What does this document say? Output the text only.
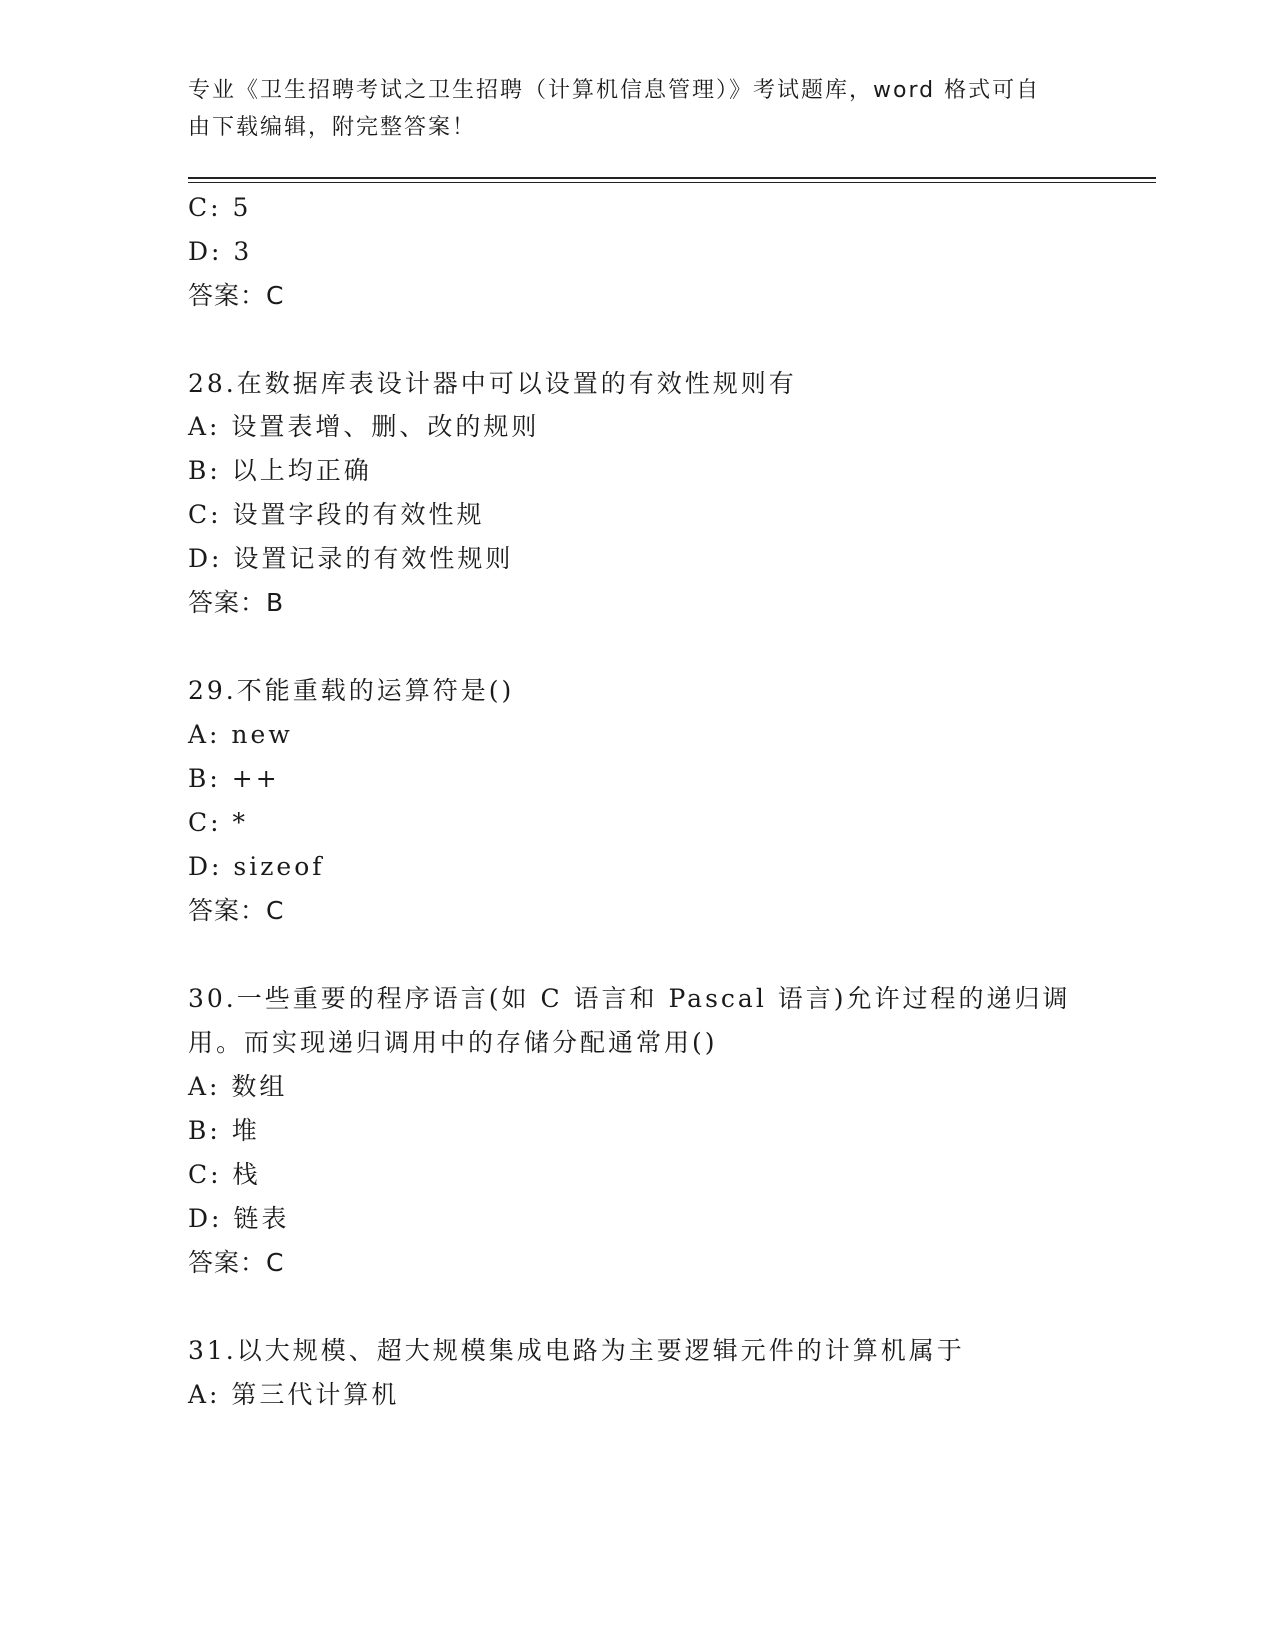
专业《卫生招聘考试之卫生招聘（计算机信息管理）》考试题库，word 格式可自
由下载编辑，附完整答案！
C: 5
D: 3
答案：C
28.在数据库表设计器中可以设置的有效性规则有
A: 设置表增、删、改的规则
B: 以上均正确
C: 设置字段的有效性规
D: 设置记录的有效性规则
答案：B
29.不能重载的运算符是()
A: new
B: ++
C: *
D: sizeof
答案：C
30.一些重要的程序语言(如 C 语言和 Pascal 语言)允许过程的递归调
用。而实现递归调用中的存储分配通常用()
A: 数组
B: 堆
C: 栈
D: 链表
答案：C
31.以大规模、超大规模集成电路为主要逻辑元件的计算机属于
A: 第三代计算机
